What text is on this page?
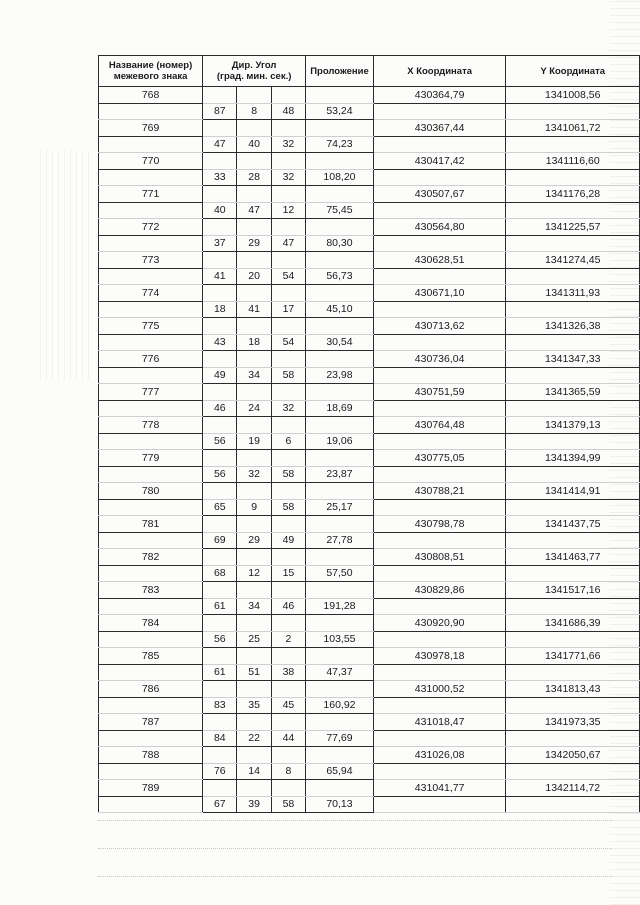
Название (номер) межевого знака	Дир. Угол
(град. мин. сек.)			Проложение	X Координата	Y Координата
768					430364,79	1341008,56
	87	8	48	53,24		
769					430367,44	1341061,72
	47	40	32	74,23		
770					430417,42	1341116,60
	33	28	32	108,20		
771					430507,67	1341176,28
	40	47	12	75,45		
772					430564,80	1341225,57
	37	29	47	80,30		
773					430628,51	1341274,45
	41	20	54	56,73		
774					430671,10	1341311,93
	18	41	17	45,10		
775					430713,62	1341326,38
	43	18	54	30,54		
776					430736,04	1341347,33
	49	34	58	23,98		
777					430751,59	1341365,59
	46	24	32	18,69		
778					430764,48	1341379,13
	56	19	6	19,06		
779					430775,05	1341394,99
	56	32	58	23,87		
780					430788,21	1341414,91
	65	9	58	25,17		
781					430798,78	1341437,75
	69	29	49	27,78		
782					430808,51	1341463,77
	68	12	15	57,50		
783					430829,86	1341517,16
	61	34	46	191,28		
784					430920,90	1341686,39
	56	25	2	103,55		
785					430978,18	1341771,66
	61	51	38	47,37		
786					431000,52	1341813,43
	83	35	45	160,92		
787					431018,47	1341973,35
	84	22	44	77,69		
788					431026,08	1342050,67
	76	14	8	65,94		
789					431041,77	1342114,72
	67	39	58	70,13		
